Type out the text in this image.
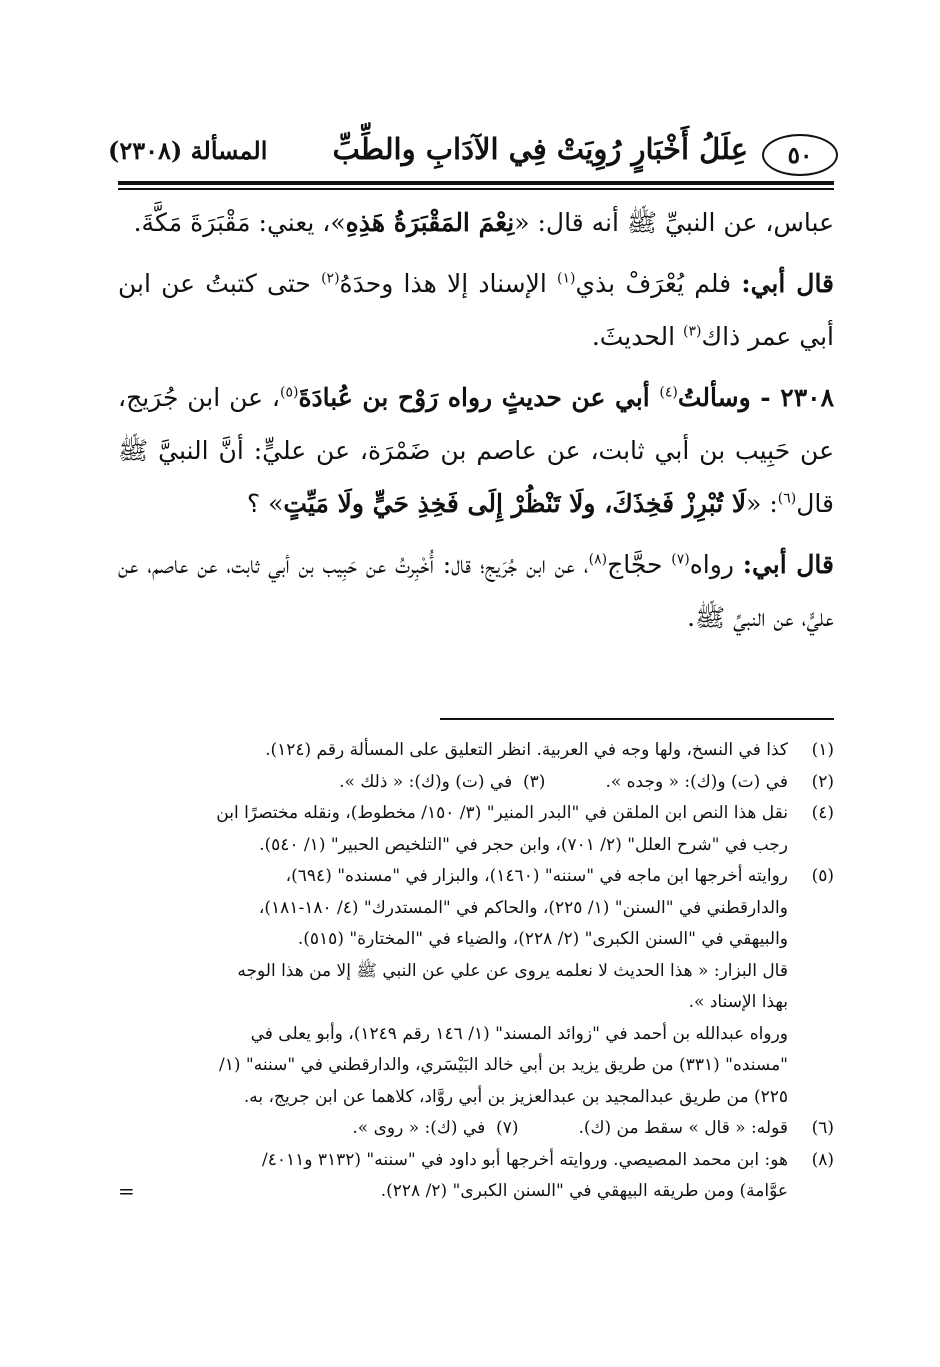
٥٠
عِلَلُ أَخْبَارٍ رُوِيَتْ فِي الآدَابِ والطِّبِّ
المسألة (٢٣٠٨)

عباس، عن النبيِّ ﷺ أنه قال: «نِعْمَ المَقْبَرَةُ هَذِهِ»، يعني: مَقْبَرَةَ مَكَّةَ.

قال أبي: فلم يُعْرَفْ بذي$^{(١)}$ الإسناد إلا هذا وحدَهُ$^{(٢)}$ حتى كتبتُ عن ابن أبي عمر ذاك$^{(٣)}$ الحديثَ.

٢٣٠٨ - وسألتُ$^{(٤)}$ أبي عن حديثٍ رواه رَوْح بن عُبادَةَ$^{(٥)}$، عن ابن جُرَيج، عن حَبِيب بن أبي ثابت، عن عاصم بن ضَمْرَة، عن عليٍّ: أنَّ النبيَّ ﷺ قال$^{(٦)}$: «لَا تُبْرِزْ فَخِذَكَ، ولَا تَنْظُرْ إِلَى فَخِذِ حَيٍّ ولَا مَيِّتٍ» ؟

قال أبي: رواه$^{(٧)}$ حجَّاج$^{(٨)}$، عن ابن جُرَيج؛ قال: أُخْبِرتُ عن حَبِيب بن أبي ثابت، عن عاصم، عن عليٍّ، عن النبيِّ ﷺ.

(١)
كذا في النسخ، ولها وجه في العربية. انظر التعليق على المسألة رقم (١٢٤).
(٢)
في (ت) و(ك): « وجده ».(٣)  في (ت) و(ك): « ذلك ».
(٤)
نقل هذا النص ابن الملقن في "البدر المنير" (٣/ ١٥٠/ مخطوط)، ونقله مختصرًا ابن
رجب في "شرح العلل" (٢/ ٧٠١)، وابن حجر في "التلخيص الحبير" (١/ ٥٤٠).
(٥)
روايته أخرجها ابن ماجه في "سننه" (١٤٦٠)، والبزار في "مسنده" (٦٩٤)،
والدارقطني في "السنن" (١/ ٢٢٥)، والحاكم في "المستدرك" (٤/ ١٨٠-١٨١)،
والبيهقي في "السنن الكبرى" (٢/ ٢٢٨)، والضياء في "المختارة" (٥١٥).
قال البزار: « هذا الحديث لا نعلمه يروى عن علي عن النبي ﷺ إلا من هذا الوجه
بهذا الإسناد ».
ورواه عبدالله بن أحمد في "زوائد المسند" (١/ ١٤٦ رقم ١٢٤٩)، وأبو يعلى في
"مسنده" (٣٣١) من طريق يزيد بن أبي خالد البَيْسَري، والدارقطني في "سننه" (١/
٢٢٥) من طريق عبدالمجيد بن عبدالعزيز بن أبي روَّاد، كلاهما عن ابن جريج، به.
(٦)
قوله: « قال » سقط من (ك).(٧)  في (ك): « روى ».
(٨)
هو: ابن محمد المصيصي. وروايته أخرجها أبو داود في "سننه" (٣١٣٢ و٤٠١١/
عوَّامة) ومن طريقه البيهقي في "السنن الكبرى" (٢/ ٢٢٨).
=
